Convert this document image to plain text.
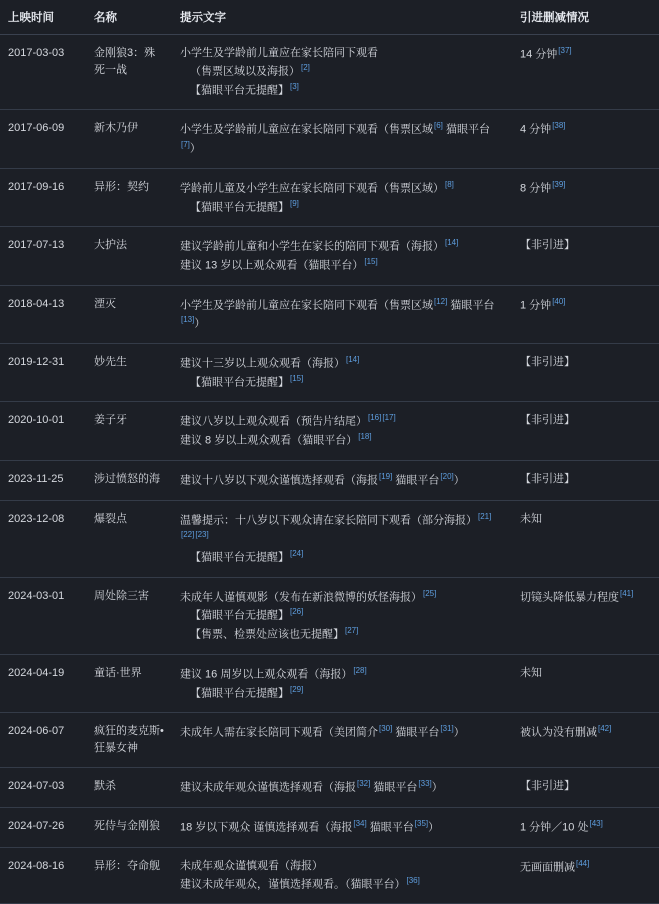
上映时间	名称	提示文字	引进删减情况
2017-03-03	金刚狼3：殊死一战	小学生及学龄前儿童应在家长陪同下观看
（售票区域以及海报）[2]
【猫眼平台无提醒】[3]	14 分钟[37]
2017-06-09	新木乃伊	小学生及学龄前儿童应在家长陪同下观看（售票区域[6] 猫眼平台[7]）	4 分钟[38]
2017-09-16	异形：契约	学龄前儿童及小学生应在家长陪同下观看（售票区域）[8]
【猫眼平台无提醒】[9]	8 分钟[39]
2017-07-13	大护法	建议学龄前儿童和小学生在家长的陪同下观看（海报）[14]
建议 13 岁以上观众观看（猫眼平台）[15]	【非引进】
2018-04-13	湮灭	小学生及学龄前儿童应在家长陪同下观看（售票区域[12] 猫眼平台[13]）	1 分钟[40]
2019-12-31	妙先生	建议十三岁以上观众观看（海报）[14]
【猫眼平台无提醒】[15]	【非引进】
2020-10-01	姜子牙	建议八岁以上观众观看（预告片结尾）[16][17]
建议 8 岁以上观众观看（猫眼平台）[18]	【非引进】
2023-11-25	涉过愤怒的海	建议十八岁以下观众谨慎选择观看（海报[19] 猫眼平台[20]）	【非引进】
2023-12-08	爆裂点	温馨提示：十八岁以下观众请在家长陪同下观看（部分海报）[21][22][23]
【猫眼平台无提醒】[24]	未知
2024-03-01	周处除三害	未成年人谨慎观影（发布在新浪微博的妖怪海报）[25]
【猫眼平台无提醒】[26]
【售票、检票处应该也无提醒】[27]	切镜头降低暴力程度[41]
2024-04-19	童话·世界	建议 16 周岁以上观众观看（海报）[28]
【猫眼平台无提醒】[29]	未知
2024-06-07	疯狂的麦克斯•狂暴女神	未成年人需在家长陪同下观看（美团简介[30] 猫眼平台[31]）	被认为没有删减[42]
2024-07-03	默杀	建议未成年观众谨慎选择观看（海报[32] 猫眼平台[33]）	【非引进】
2024-07-26	死侍与金刚狼	18 岁以下观众 谨慎选择观看（海报[34] 猫眼平台[35]）	1 分钟／10 处[43]
2024-08-16	异形：夺命舰	未成年观众谨慎观看（海报）
建议未成年观众，谨慎选择观看。（猫眼平台）[36]	无画面删减[44]
